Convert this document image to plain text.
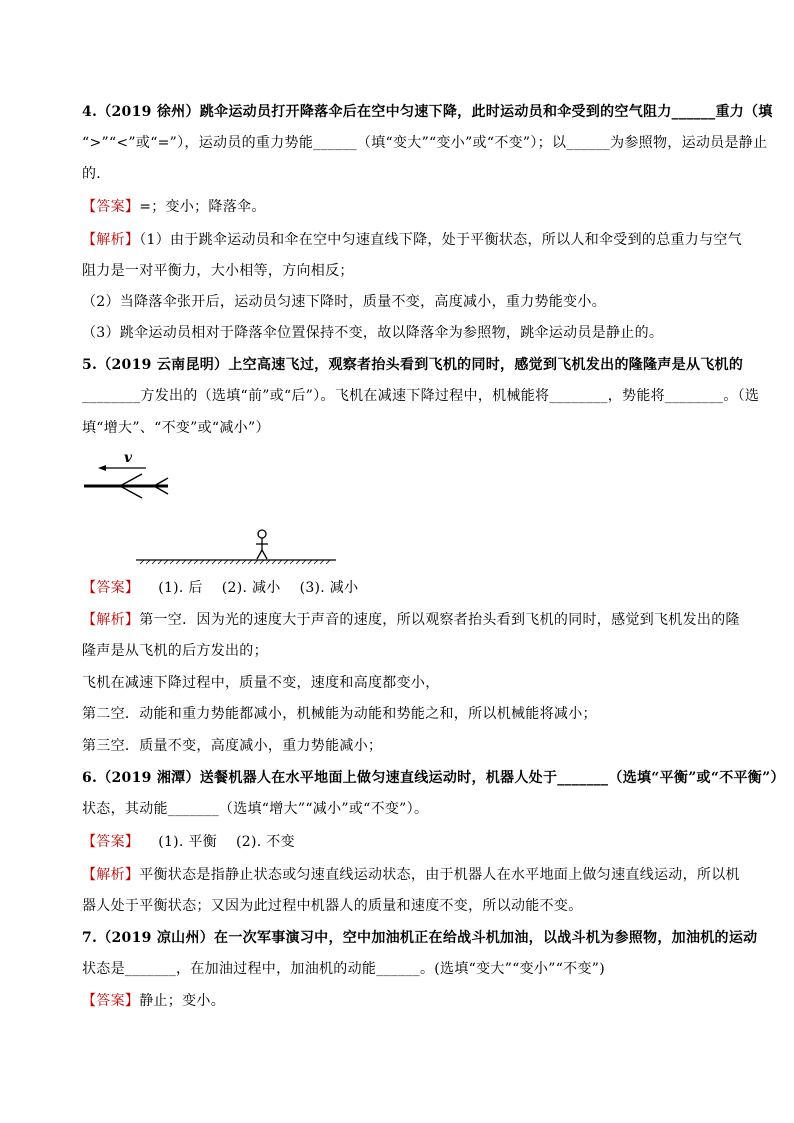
4.（2019 徐州）跳伞运动员打开降落伞后在空中匀速下降，此时运动员和伞受到的空气阻力______重力（填
“>”“<”或“=”），运动员的重力势能______（填“变大”“变小”或“不变”）；以______为参照物，运动员是静止
的.
【答案】=；变小；降落伞。
【解析】（1）由于跳伞运动员和伞在空中匀速直线下降，处于平衡状态，所以人和伞受到的总重力与空气
阻力是一对平衡力，大小相等，方向相反；
（2）当降落伞张开后，运动员匀速下降时，质量不变，高度减小，重力势能变小。
（3）跳伞运动员相对于降落伞位置保持不变，故以降落伞为参照物，跳伞运动员是静止的。
5.（2019 云南昆明）上空高速飞过，观察者抬头看到飞机的同时，感觉到飞机发出的隆隆声是从飞机的
________方发出的（选填“前”或“后”）。飞机在减速下降过程中，机械能将________，势能将________。（选
填“增大”、“不变”或“减小”）
v
【答案】    (1). 后    (2). 减小    (3). 减小
【解析】第一空．因为光的速度大于声音的速度，所以观察者抬头看到飞机的同时，感觉到飞机发出的隆
隆声是从飞机的后方发出的；
飞机在减速下降过程中，质量不变，速度和高度都变小，
第二空．动能和重力势能都减小，机械能为动能和势能之和，所以机械能将减小；
第三空．质量不变，高度减小，重力势能减小；
6.（2019 湘潭）送餐机器人在水平地面上做匀速直线运动时，机器人处于_______（选填“平衡”或“不平衡”）
状态，其动能_______（选填“增大”“减小”或“不变”）。
【答案】    (1). 平衡    (2). 不变
【解析】平衡状态是指静止状态或匀速直线运动状态，由于机器人在水平地面上做匀速直线运动，所以机
器人处于平衡状态；又因为此过程中机器人的质量和速度不变，所以动能不变。
7.（2019 凉山州）在一次军事演习中，空中加油机正在给战斗机加油，以战斗机为参照物，加油机的运动
状态是_______，在加油过程中，加油机的动能______。(选填“变大”“变小”“不变”)
【答案】静止；变小。
